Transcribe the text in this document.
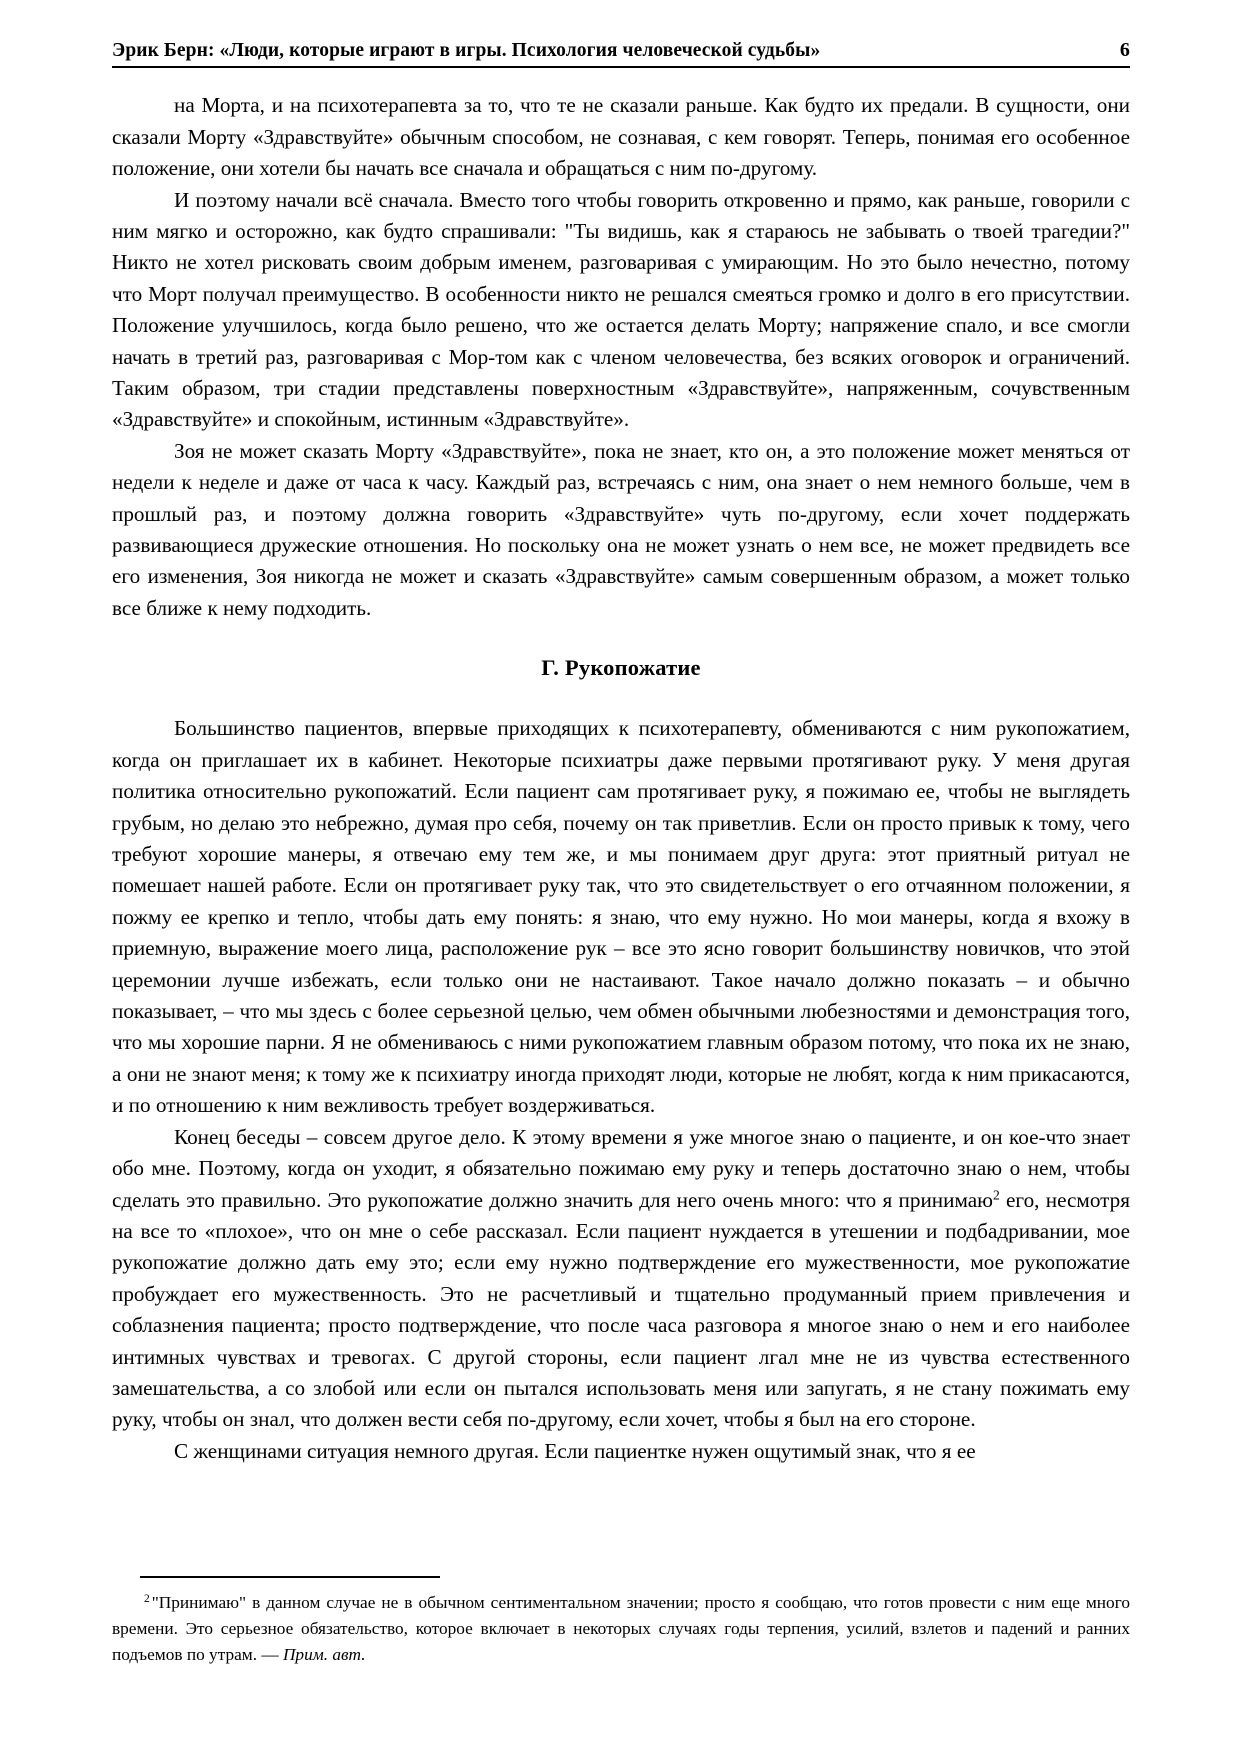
Эрик Берн: «Люди, которые играют в игры. Психология человеческой судьбы»	6

на Морта, и на психотерапевта за то, что те не сказали раньше. Как будто их предали. В сущности, они сказали Морту «Здравствуйте» обычным способом, не сознавая, с кем говорят. Теперь, понимая его особенное положение, они хотели бы начать все сначала и обращаться с ним по-другому.

И поэтому начали всё сначала. Вместо того чтобы говорить откровенно и прямо, как раньше, говорили с ним мягко и осторожно, как будто спрашивали: "Ты видишь, как я стараюсь не забывать о твоей трагедии?" Никто не хотел рисковать своим добрым именем, разговаривая с умирающим. Но это было нечестно, потому что Морт получал преимущество. В особенности никто не решался смеяться громко и долго в его присутствии. Положение улучшилось, когда было решено, что же остается делать Морту; напряжение спало, и все смогли начать в третий раз, разговаривая с Мор-том как с членом человечества, без всяких оговорок и ограничений. Таким образом, три стадии представлены поверхностным «Здравствуйте», напряженным, сочувственным «Здравствуйте» и спокойным, истинным «Здравствуйте».

Зоя не может сказать Морту «Здравствуйте», пока не знает, кто он, а это положение может меняться от недели к неделе и даже от часа к часу. Каждый раз, встречаясь с ним, она знает о нем немного больше, чем в прошлый раз, и поэтому должна говорить «Здравствуйте» чуть по-другому, если хочет поддержать развивающиеся дружеские отношения. Но поскольку она не может узнать о нем все, не может предвидеть все его изменения, Зоя никогда не может и сказать «Здравствуйте» самым совершенным образом, а может только все ближе к нему подходить.

Г. Рукопожатие

Большинство пациентов, впервые приходящих к психотерапевту, обмениваются с ним рукопожатием, когда он приглашает их в кабинет. Некоторые психиатры даже первыми протягивают руку. У меня другая политика относительно рукопожатий. Если пациент сам протягивает руку, я пожимаю ее, чтобы не выглядеть грубым, но делаю это небрежно, думая про себя, почему он так приветлив. Если он просто привык к тому, чего требуют хорошие манеры, я отвечаю ему тем же, и мы понимаем друг друга: этот приятный ритуал не помешает нашей работе. Если он протягивает руку так, что это свидетельствует о его отчаянном положении, я пожму ее крепко и тепло, чтобы дать ему понять: я знаю, что ему нужно. Но мои манеры, когда я вхожу в приемную, выражение моего лица, расположение рук – все это ясно говорит большинству новичков, что этой церемонии лучше избежать, если только они не настаивают. Такое начало должно показать – и обычно показывает, – что мы здесь с более серьезной целью, чем обмен обычными любезностями и демонстрация того, что мы хорошие парни. Я не обмениваюсь с ними рукопожатием главным образом потому, что пока их не знаю, а они не знают меня; к тому же к психиатру иногда приходят люди, которые не любят, когда к ним прикасаются, и по отношению к ним вежливость требует воздерживаться.

Конец беседы – совсем другое дело. К этому времени я уже многое знаю о пациенте, и он кое-что знает обо мне. Поэтому, когда он уходит, я обязательно пожимаю ему руку и теперь достаточно знаю о нем, чтобы сделать это правильно. Это рукопожатие должно значить для него очень много: что я принимаю$^2$ его, несмотря на все то «плохое», что он мне о себе рассказал. Если пациент нуждается в утешении и подбадривании, мое рукопожатие должно дать ему это; если ему нужно подтверждение его мужественности, мое рукопожатие пробуждает его мужественность. Это не расчетливый и тщательно продуманный прием привлечения и соблазнения пациента; просто подтверждение, что после часа разговора я многое знаю о нем и его наиболее интимных чувствах и тревогах. С другой стороны, если пациент лгал мне не из чувства естественного замешательства, а со злобой или если он пытался использовать меня или запугать, я не стану пожимать ему руку, чтобы он знал, что должен вести себя по-другому, если хочет, чтобы я был на его стороне.

С женщинами ситуация немного другая. Если пациентке нужен ощутимый знак, что я ее

$^2$ "Принимаю" в данном случае не в обычном сентиментальном значении; просто я сообщаю, что готов провести с ним еще много времени. Это серьезное обязательство, которое включает в некоторых случаях годы терпения, усилий, взлетов и падений и ранних подъемов по утрам. — Прим. авт.
